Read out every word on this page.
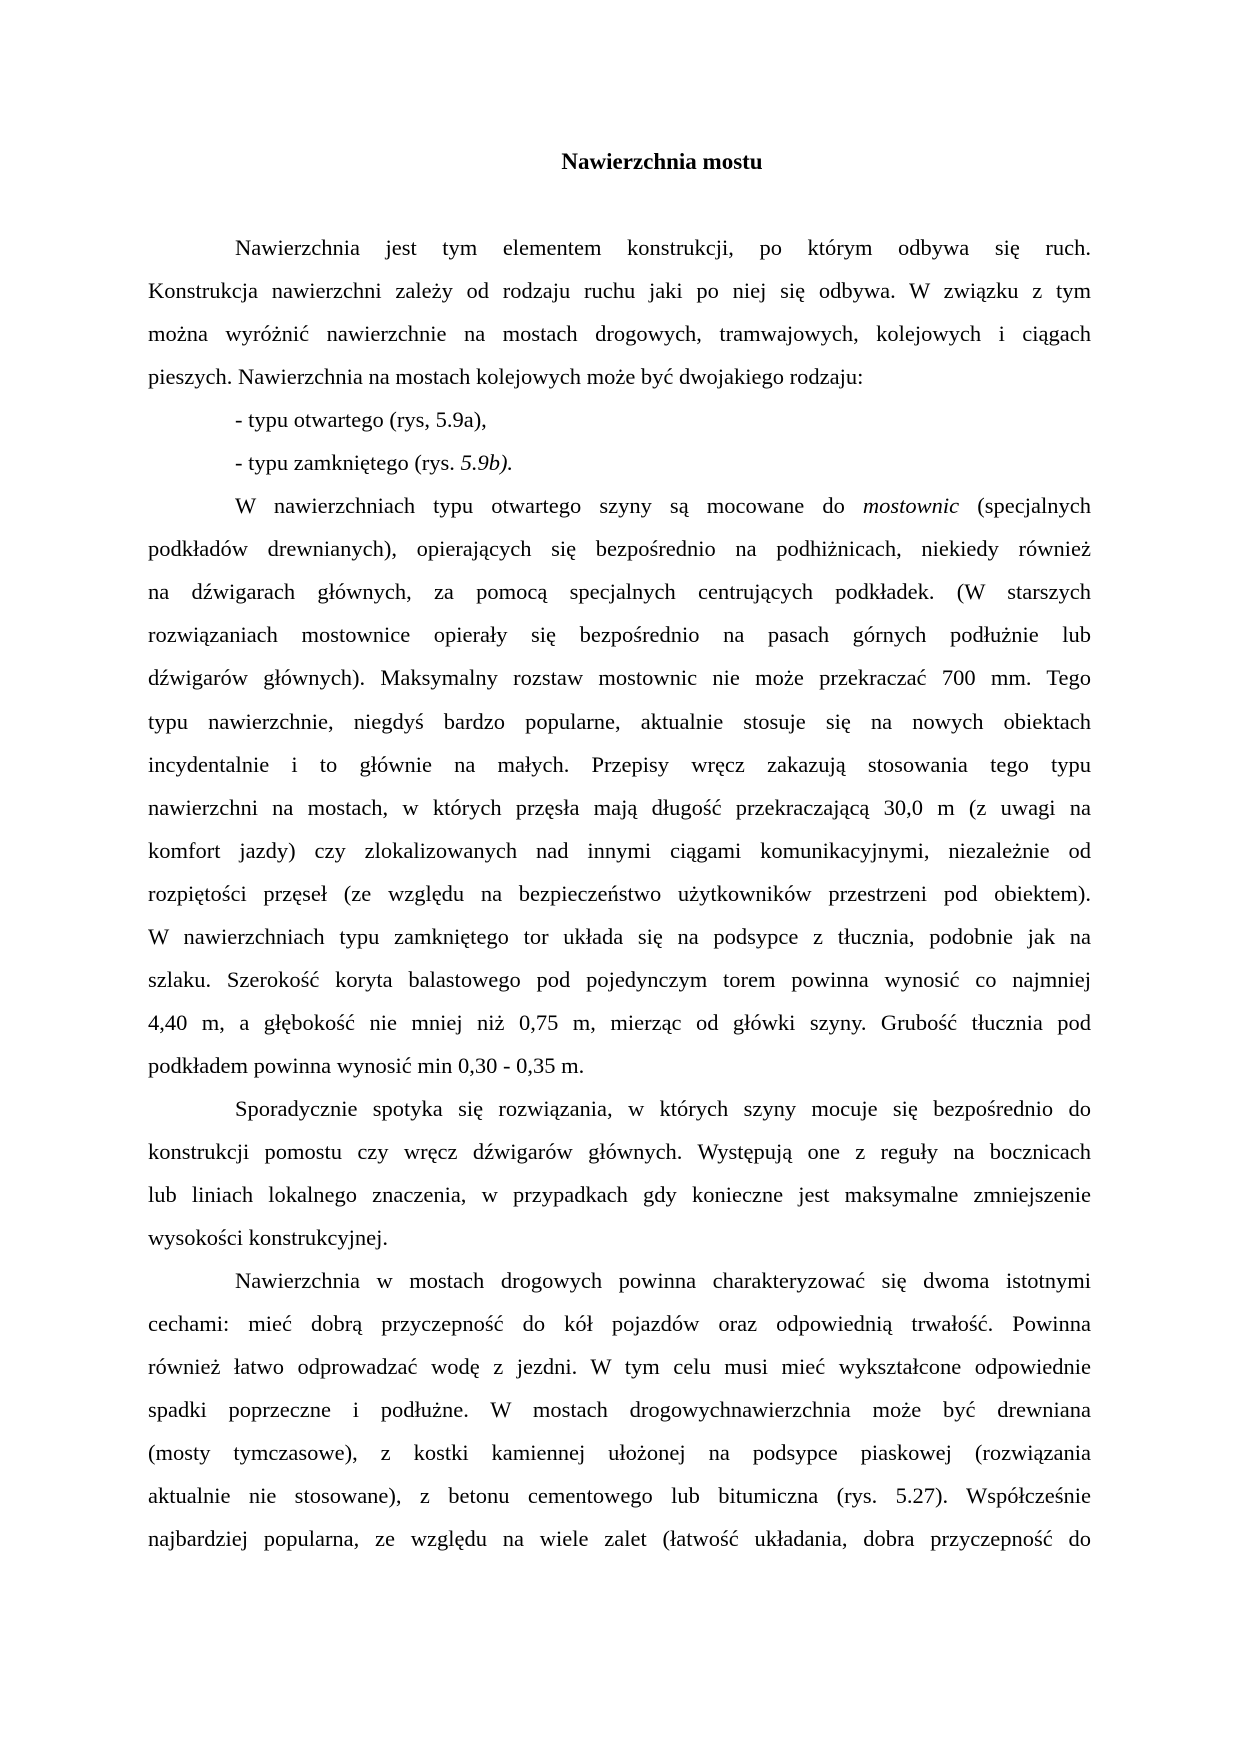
Nawierzchnia mostu
Nawierzchnia jest tym elementem konstrukcji, po którym odbywa się ruch.
Konstrukcja nawierzchni zależy od rodzaju ruchu jaki po niej się odbywa. W związku z tym
można wyróżnić nawierzchnie na mostach drogowych, tramwajowych, kolejowych i ciągach
pieszych. Nawierzchnia na mostach kolejowych może być dwojakiego rodzaju:
- typu otwartego (rys, 5.9a),
- typu zamkniętego (rys. 5.9b).
W nawierzchniach typu otwartego szyny są mocowane do mostownic (specjalnych
podkładów drewnianych), opierających się bezpośrednio na podhiżnicach, niekiedy również
na dźwigarach głównych, za pomocą specjalnych centrujących podkładek. (W starszych
rozwiązaniach mostownice opierały się bezpośrednio na pasach górnych podłużnie lub
dźwigarów głównych). Maksymalny rozstaw mostownic nie może przekraczać 700 mm. Tego
typu nawierzchnie, niegdyś bardzo popularne, aktualnie stosuje się na nowych obiektach
incydentalnie i to głównie na małych. Przepisy wręcz zakazują stosowania tego typu
nawierzchni na mostach, w których przęsła mają długość przekraczającą 30,0 m (z uwagi na
komfort jazdy) czy zlokalizowanych nad innymi ciągami komunikacyjnymi, niezależnie od
rozpiętości przęseł (ze względu na bezpieczeństwo użytkowników przestrzeni pod obiektem).
W nawierzchniach typu zamkniętego tor układa się na podsypce z tłucznia, podobnie jak na
szlaku. Szerokość koryta balastowego pod pojedynczym torem powinna wynosić co najmniej
4,40 m, a głębokość nie mniej niż 0,75 m, mierząc od główki szyny. Grubość tłucznia pod
podkładem powinna wynosić min 0,30 - 0,35 m.
Sporadycznie spotyka się rozwiązania, w których szyny mocuje się bezpośrednio do
konstrukcji pomostu czy wręcz dźwigarów głównych. Występują one z reguły na bocznicach
lub liniach lokalnego znaczenia, w przypadkach gdy konieczne jest maksymalne zmniejszenie
wysokości konstrukcyjnej.
Nawierzchnia w mostach drogowych powinna charakteryzować się dwoma istotnymi
cechami: mieć dobrą przyczepność do kół pojazdów oraz odpowiednią trwałość. Powinna
również łatwo odprowadzać wodę z jezdni. W tym celu musi mieć wykształcone odpowiednie
spadki poprzeczne i podłużne. W mostach drogowychnawierzchnia może być drewniana
(mosty tymczasowe), z kostki kamiennej ułożonej na podsypce piaskowej (rozwiązania
aktualnie nie stosowane), z betonu cementowego lub bitumiczna (rys. 5.27). Współcześnie
najbardziej popularna, ze względu na wiele zalet (łatwość układania, dobra przyczepność do
